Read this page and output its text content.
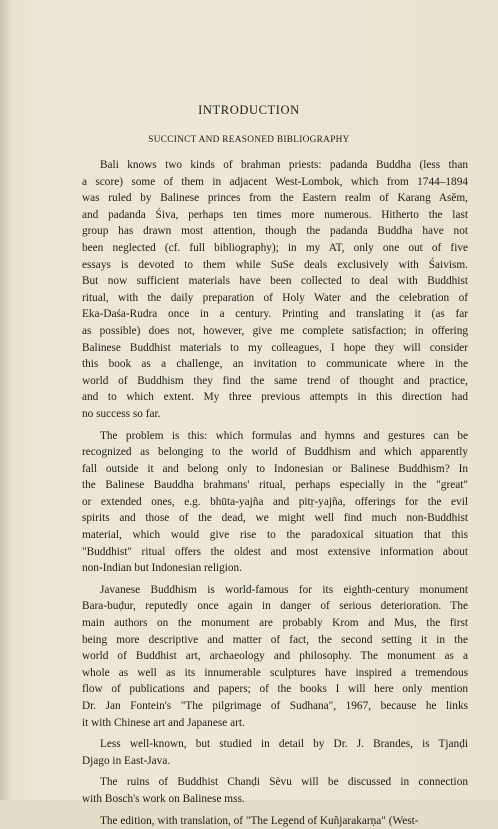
INTRODUCTION
SUCCINCT AND REASONED BIBLIOGRAPHY
Bali knows two kinds of brahman priests: padanda Buddha (less than
a score) some of them in adjacent West-Lombok, which from 1744–1894
was ruled by Balinese princes from the Eastern realm of Karang Asĕm,
and padanda Śiva, perhaps ten times more numerous. Hitherto the last
group has drawn most attention, though the padanda Buddha have not
been neglected (cf. full bibliography); in my AT, only one out of five
essays is devoted to them while SuSe deals exclusively with Śaivism.
But now sufficient materials have been collected to deal with Buddhist
ritual, with the daily preparation of Holy Water and the celebration of
Eka-Daśa-Rudra once in a century. Printing and translating it (as far
as possible) does not, however, give me complete satisfaction; in offering
Balinese Buddhist materials to my colleagues, I hope they will consider
this book as a challenge, an invitation to communicate where in the
world of Buddhism they find the same trend of thought and practice,
and to which extent. My three previous attempts in this direction had
no success so far.
The problem is this: which formulas and hymns and gestures can be
recognized as belonging to the world of Buddhism and which apparently
fall outside it and belong only to Indonesian or Balinese Buddhism? In
the Balinese Bauddha brahmans' ritual, perhaps especially in the "great"
or extended ones, e.g. bhūta-yajña and pitṛ-yajña, offerings for the evil
spirits and those of the dead, we might well find much non-Buddhist
material, which would give rise to the paradoxical situation that this
"Buddhist" ritual offers the oldest and most extensive information about
non-Indian but Indonesian religion.
Javanese Buddhism is world-famous for its eighth-century monument
Bara-buḍur, reputedly once again in danger of serious deterioration. The
main authors on the monument are probably Krom and Mus, the first
being more descriptive and matter of fact, the second setting it in the
world of Buddhist art, archaeology and philosophy. The monument as a
whole as well as its innumerable sculptures have inspired a tremendous
flow of publications and papers; of the books I will here only mention
Dr. Jan Fontein's "The pilgrimage of Sudhana", 1967, because he links
it with Chinese art and Japanese art.
Less well-known, but studied in detail by Dr. J. Brandes, is Tjanḍi
Djago in East-Java.
The ruins of Buddhist Chanḍi Sèvu will be discussed in connection
with Bosch's work on Balinese mss.
The edition, with translation, of "The Legend of Kuñjarakarṇa" (West-
